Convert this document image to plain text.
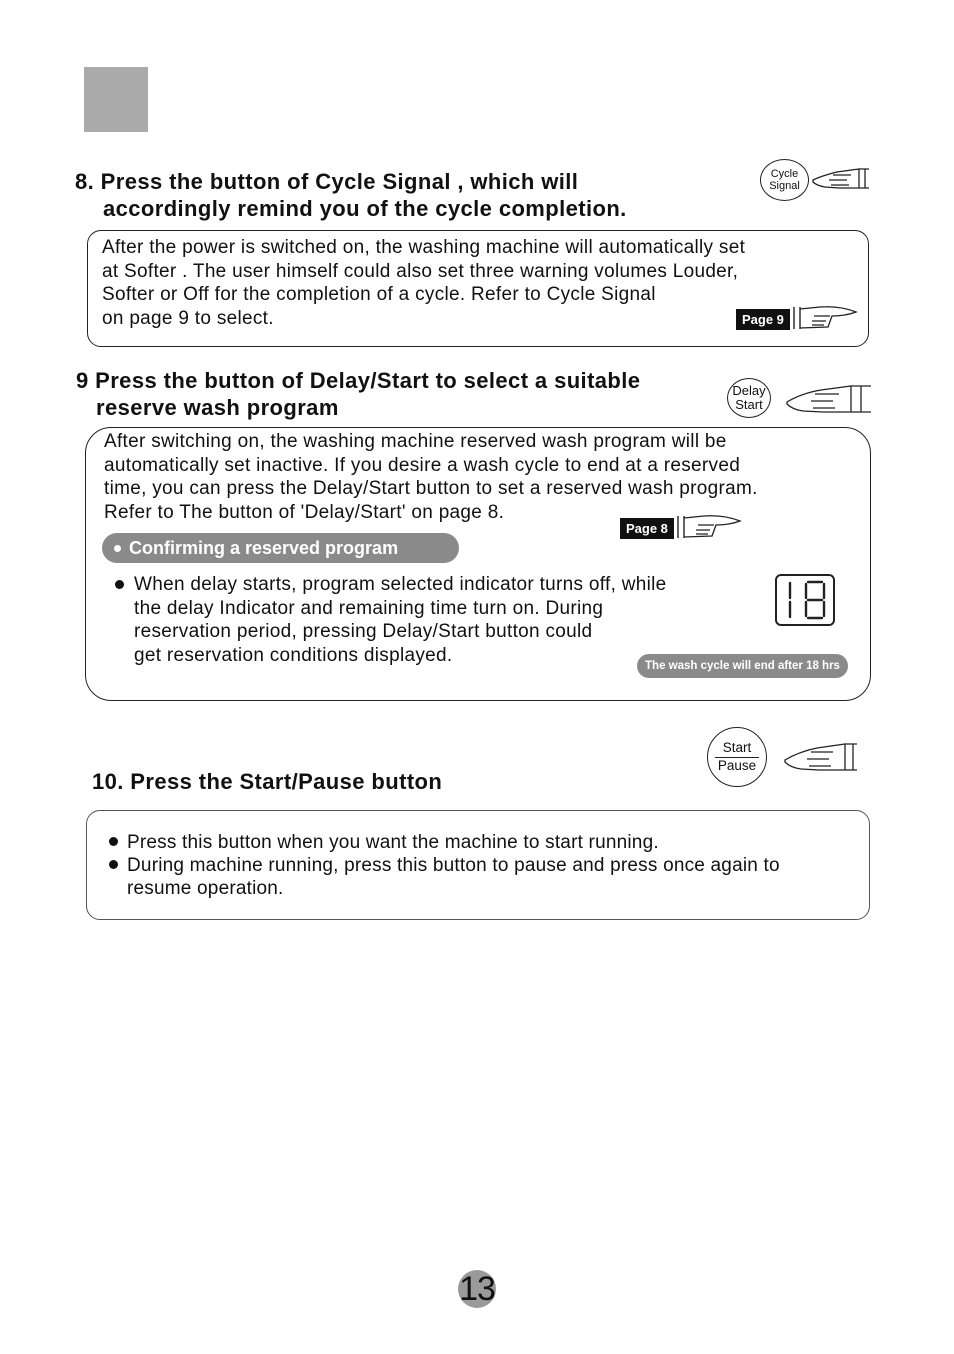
8. Press the button of Cycle Signal , which will
accordingly remind you of the cycle completion.
Cycle
Signal

After the power is switched on, the washing machine will automatically set

at Softer . The user himself could also set three warning volumes Louder,

Softer or Off for the completion of a cycle. Refer to Cycle Signal

on page 9 to select.	Page 9
9 Press the button of Delay/Start to select a suitable
reserve wash program
Delay
Start

After switching on, the washing machine reserved wash program will be

automatically set inactive. If you desire a wash cycle to end at a reserved

time, you can press the Delay/Start button to set a reserved wash program.

Refer to The button of 'Delay/Start' on page 8.

Page 8
Confirming a reserved program

When delay starts, program selected indicator turns off, while

the delay Indicator and remaining time turn on. During

reservation period, pressing Delay/Start button could

get reservation conditions displayed.

The wash cycle will end after 18 hrs
Start
Pause
10. Press the Start/Pause button
Press this button when you want the machine to start running.
During machine running, press this button to pause and press once again to
resume operation.
13
